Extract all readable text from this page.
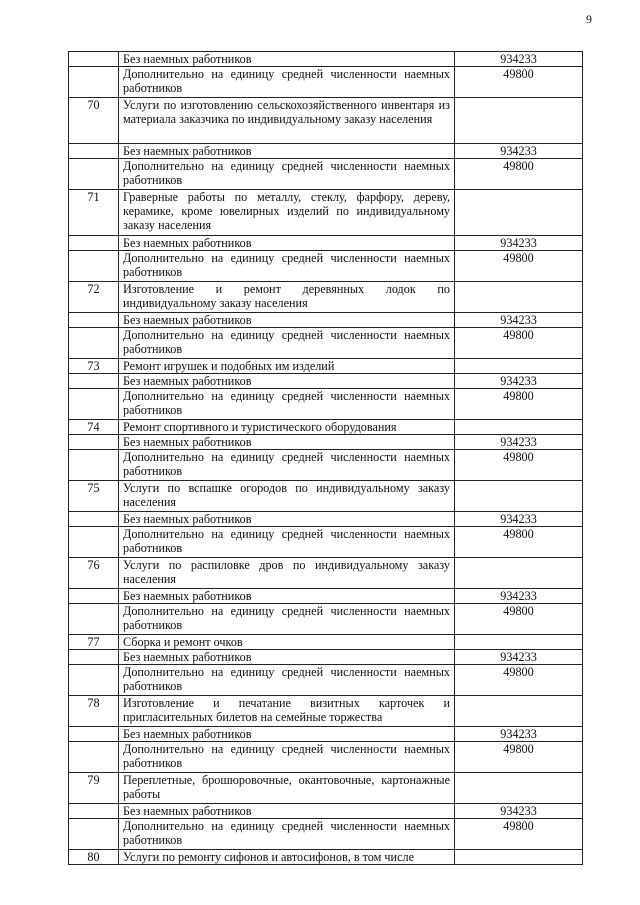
9
	Без наемных работников	934233
	Дополнительно на единицу средней численности наемных работников	49800
70	Услуги по изготовлению сельскохозяйственного инвентаря из материала заказчика по индивидуальному заказу населения	
	Без наемных работников	934233
	Дополнительно на единицу средней численности наемных работников	49800
71	Граверные работы по металлу, стеклу, фарфору, дереву, керамике, кроме ювелирных изделий по индивидуальному заказу населения	
	Без наемных работников	934233
	Дополнительно на единицу средней численности наемных работников	49800
72	Изготовление и ремонт деревянных лодок по индивидуальному заказу населения	
	Без наемных работников	934233
	Дополнительно на единицу средней численности наемных работников	49800
73	Ремонт игрушек и подобных им изделий	
	Без наемных работников	934233
	Дополнительно на единицу средней численности наемных работников	49800
74	Ремонт спортивного и туристического оборудования	
	Без наемных работников	934233
	Дополнительно на единицу средней численности наемных работников	49800
75	Услуги по вспашке огородов по индивидуальному заказу населения	
	Без наемных работников	934233
	Дополнительно на единицу средней численности наемных работников	49800
76	Услуги по распиловке дров по индивидуальному заказу населения	
	Без наемных работников	934233
	Дополнительно на единицу средней численности наемных работников	49800
77	Сборка и ремонт очков	
	Без наемных работников	934233
	Дополнительно на единицу средней численности наемных работников	49800
78	Изготовление и печатание визитных карточек и пригласительных билетов на семейные торжества	
	Без наемных работников	934233
	Дополнительно на единицу средней численности наемных работников	49800
79	Переплетные, брошюровочные, окантовочные, картонажные работы	
	Без наемных работников	934233
	Дополнительно на единицу средней численности наемных работников	49800
80	Услуги по ремонту сифонов и автосифонов, в том числе	
